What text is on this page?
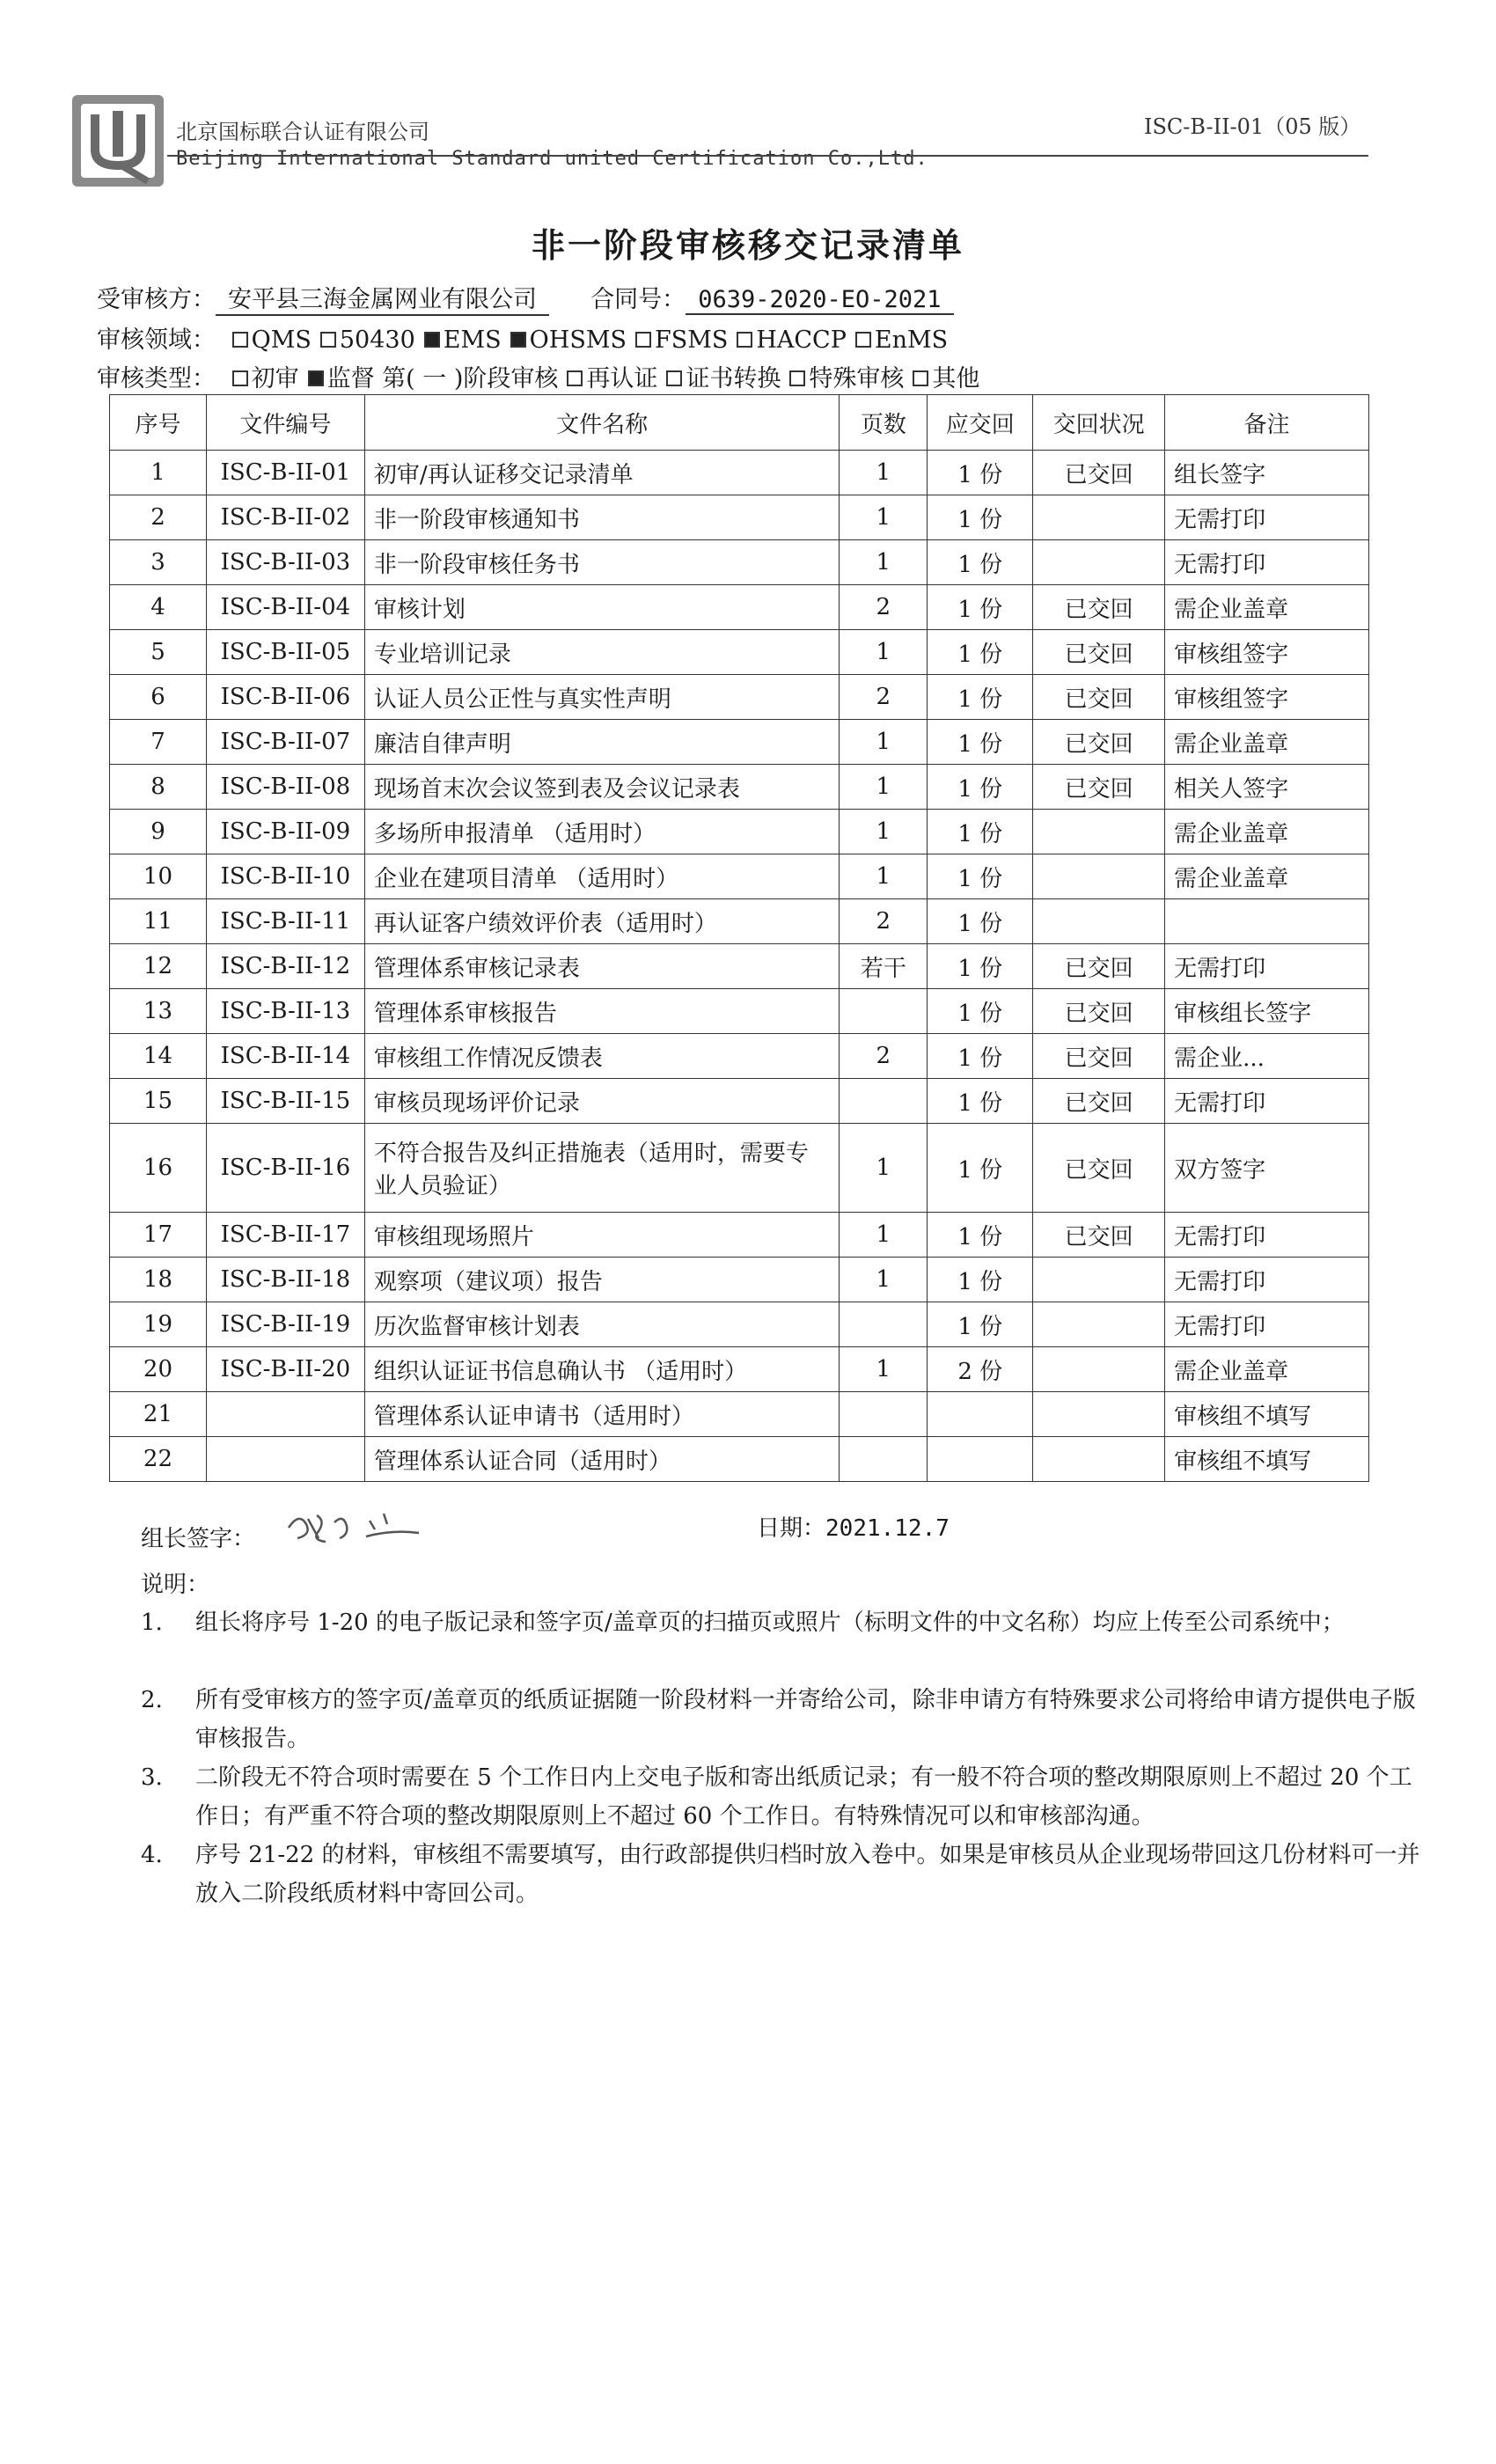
北京国标联合认证有限公司
Beijing International Standard united Certification Co.,Ltd.
ISC-B-II-01（05 版）
非一阶段审核移交记录清单
受审核方： 安平县三海金属网业有限公司 合同号： 0639-2020-EO-2021
审核领域： QMS 50430 EMS OHSMS FSMS HACCP EnMS
审核类型： 初审 监督 第( 一 )阶段审核 再认证 证书转换 特殊审核 其他
序号	文件编号	文件名称	页数	应交回	交回状况	备注
1	ISC-B-II-01	初审/再认证移交记录清单	1	1 份	已交回	组长签字
2	ISC-B-II-02	非一阶段审核通知书	1	1 份		无需打印
3	ISC-B-II-03	非一阶段审核任务书	1	1 份		无需打印
4	ISC-B-II-04	审核计划	2	1 份	已交回	需企业盖章
5	ISC-B-II-05	专业培训记录	1	1 份	已交回	审核组签字
6	ISC-B-II-06	认证人员公正性与真实性声明	2	1 份	已交回	审核组签字
7	ISC-B-II-07	廉洁自律声明	1	1 份	已交回	需企业盖章
8	ISC-B-II-08	现场首末次会议签到表及会议记录表	1	1 份	已交回	相关人签字
9	ISC-B-II-09	多场所申报清单 （适用时）	1	1 份		需企业盖章
10	ISC-B-II-10	企业在建项目清单 （适用时）	1	1 份		需企业盖章
11	ISC-B-II-11	再认证客户绩效评价表（适用时）	2	1 份		
12	ISC-B-II-12	管理体系审核记录表	若干	1 份	已交回	无需打印
13	ISC-B-II-13	管理体系审核报告		1 份	已交回	审核组长签字
14	ISC-B-II-14	审核组工作情况反馈表	2	1 份	已交回	需企业...
15	ISC-B-II-15	审核员现场评价记录		1 份	已交回	无需打印
16	ISC-B-II-16	不符合报告及纠正措施表（适用时，需要专业人员验证）	1	1 份	已交回	双方签字
17	ISC-B-II-17	审核组现场照片	1	1 份	已交回	无需打印
18	ISC-B-II-18	观察项（建议项）报告	1	1 份		无需打印
19	ISC-B-II-19	历次监督审核计划表		1 份		无需打印
20	ISC-B-II-20	组织认证证书信息确认书 （适用时）	1	2 份		需企业盖章
21		管理体系认证申请书（适用时）				审核组不填写
22		管理体系认证合同（适用时）				审核组不填写
组长签字：	日期：2021.12.7
说明：
1. 组长将序号 1-20 的电子版记录和签字页/盖章页的扫描页或照片（标明文件的中文名称）均应上传至公司系统中；
2. 所有受审核方的签字页/盖章页的纸质证据随一阶段材料一并寄给公司，除非申请方有特殊要求公司将给申请方提供电子版审核报告。
3. 二阶段无不符合项时需要在 5 个工作日内上交电子版和寄出纸质记录；有一般不符合项的整改期限原则上不超过 20 个工作日；有严重不符合项的整改期限原则上不超过 60 个工作日。有特殊情况可以和审核部沟通。
4. 序号 21-22 的材料，审核组不需要填写，由行政部提供归档时放入卷中。如果是审核员从企业现场带回这几份材料可一并放入二阶段纸质材料中寄回公司。
